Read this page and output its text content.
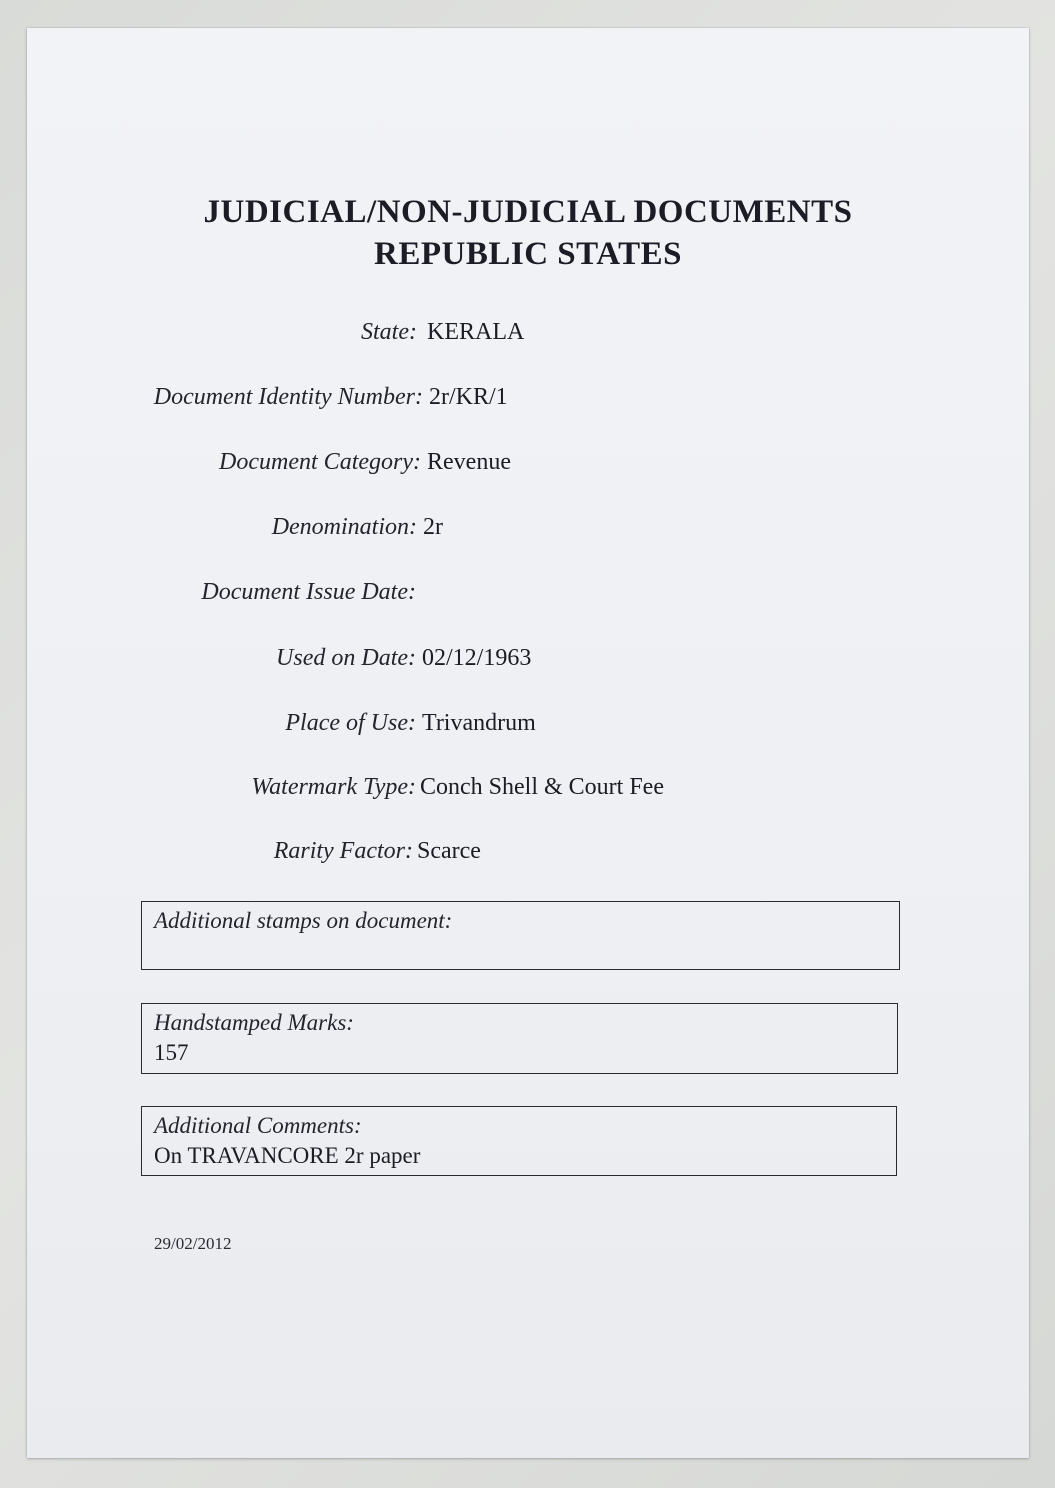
JUDICIAL/NON-JUDICIAL DOCUMENTS
REPUBLIC STATES
State: KERALA
Document Identity Number: 2r/KR/1
Document Category: Revenue
Denomination: 2r
Document Issue Date:
Used on Date: 02/12/1963
Place of Use: Trivandrum
Watermark Type: Conch Shell & Court Fee
Rarity Factor: Scarce
Additional stamps on document:
Handstamped Marks:
157
Additional Comments:
On TRAVANCORE 2r paper
29/02/2012
